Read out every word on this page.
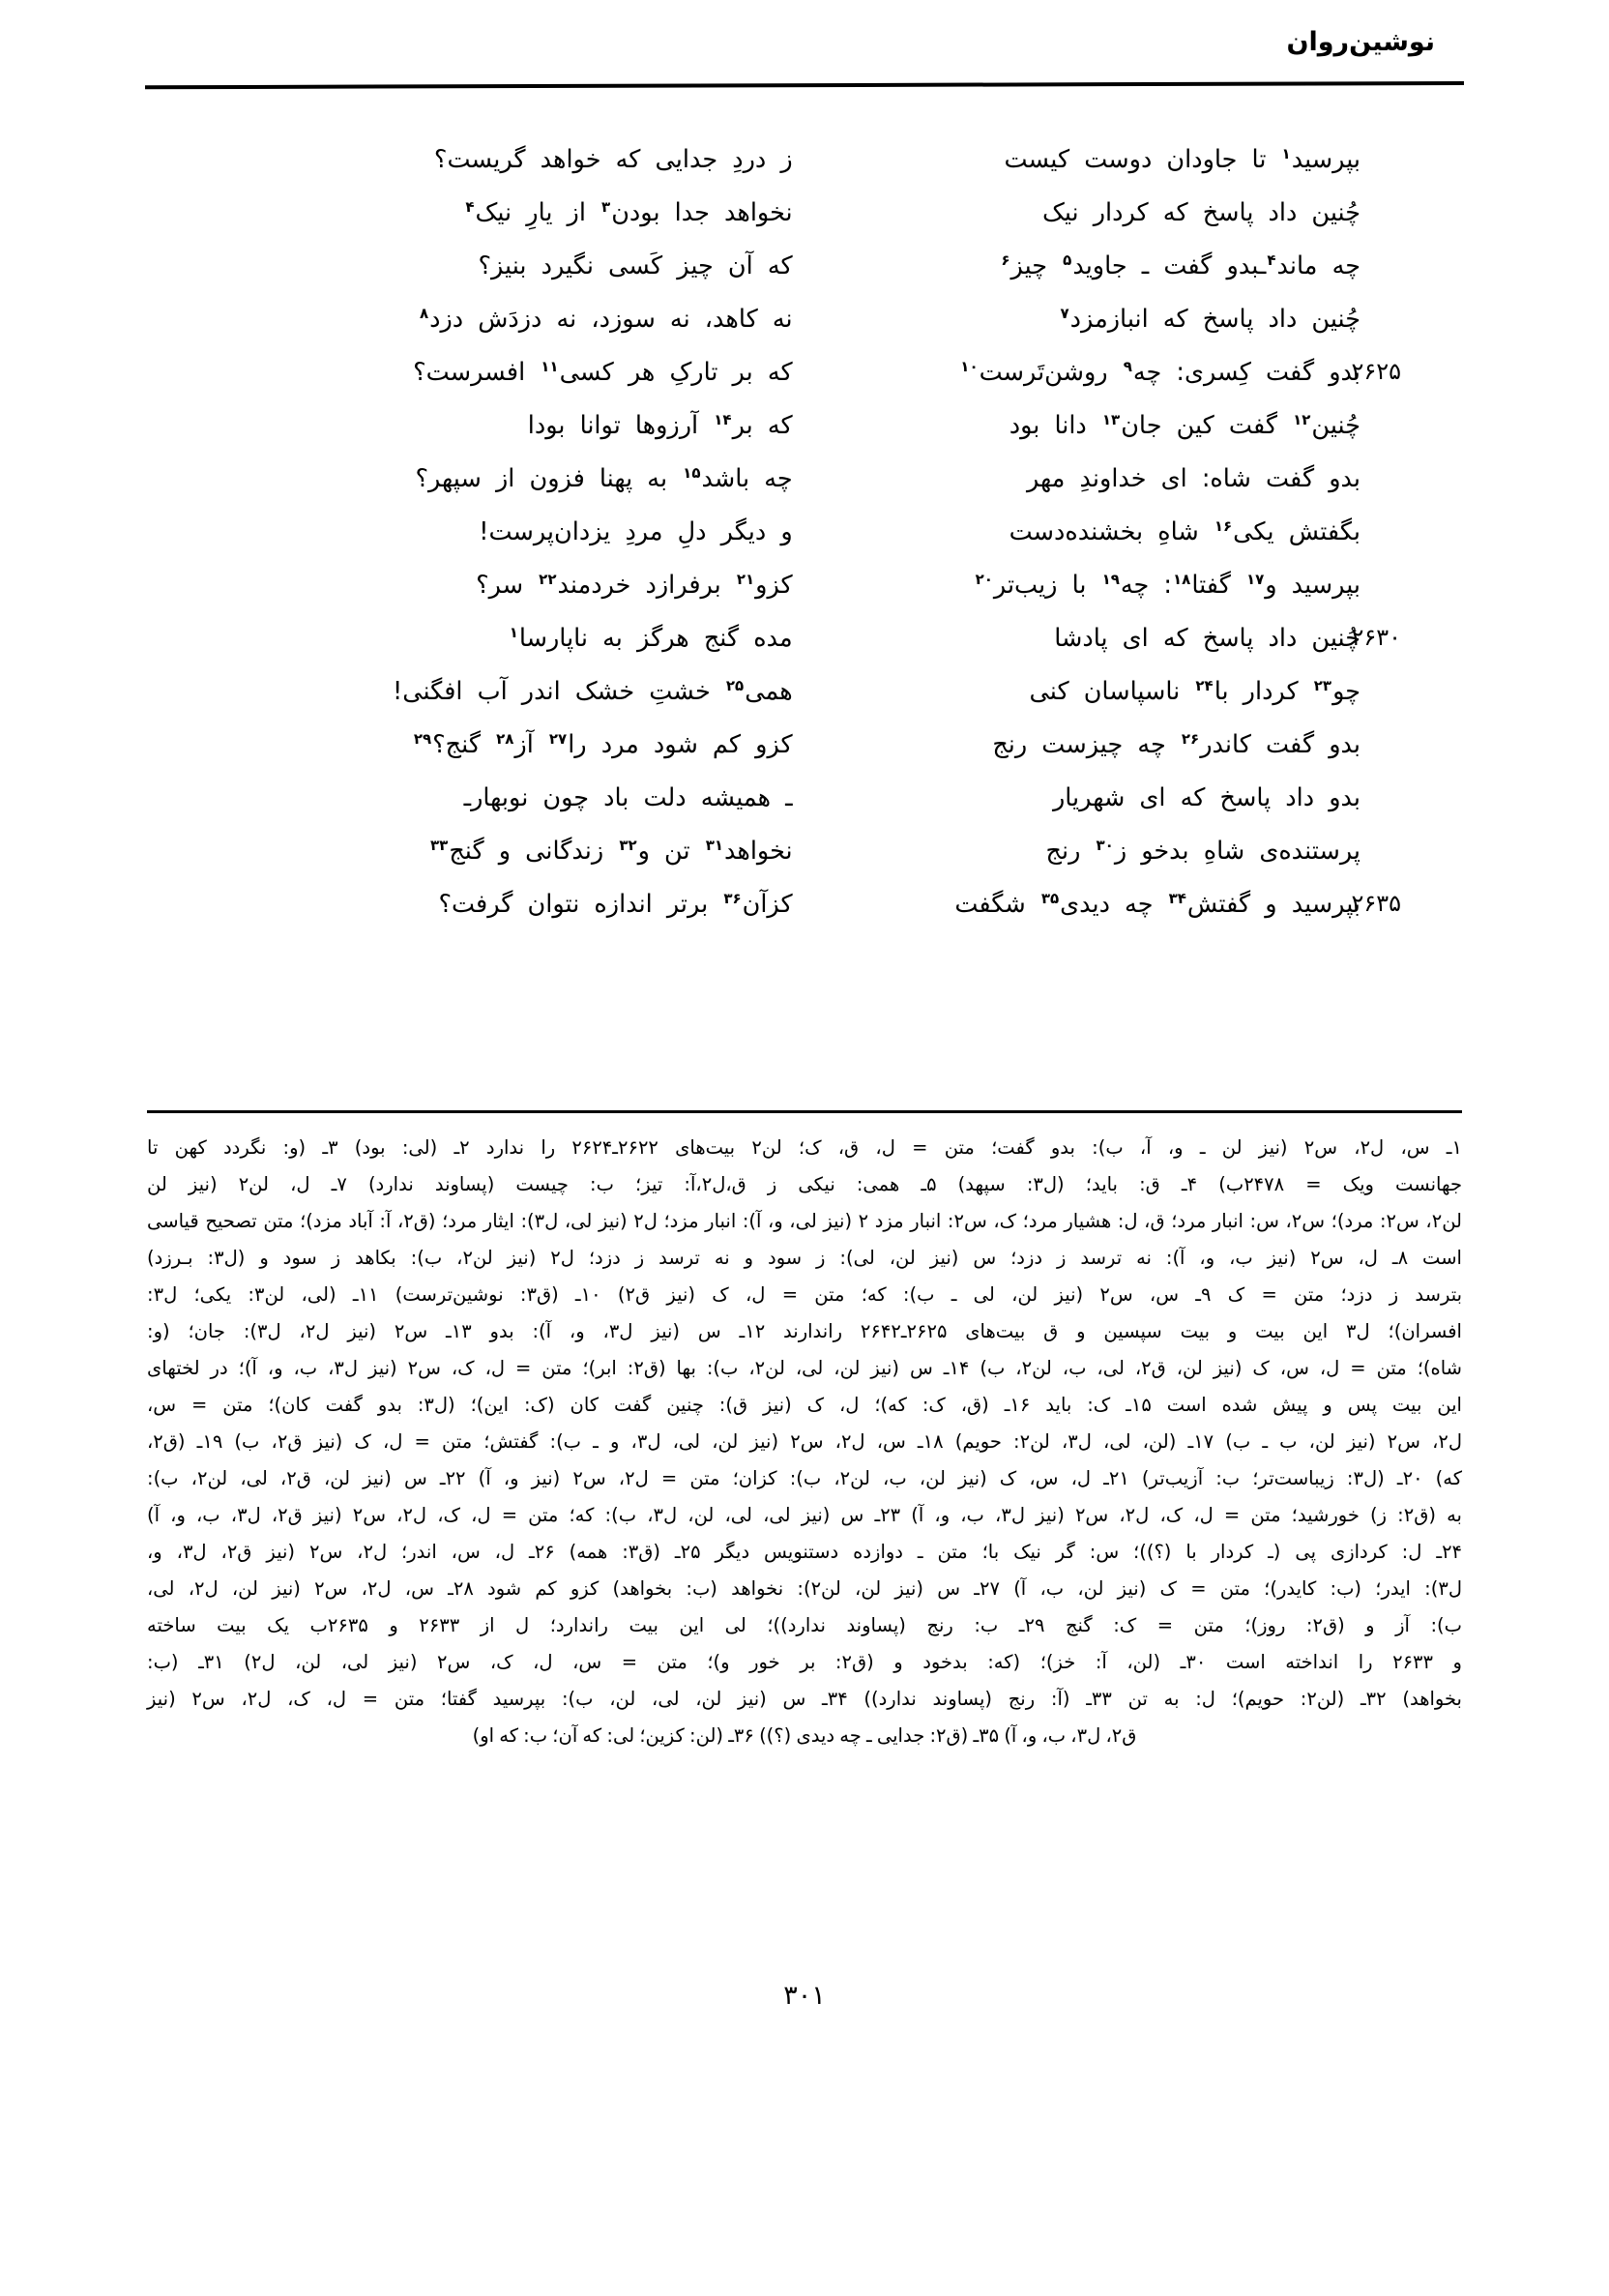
نوشین‌روان
بپرسید$^۱$ تا جاودان دوست کیست
ز دردِ جدایی که خواهد گریست؟
چُنین داد پاسخ که کردار نیک
نخواهد جدا بودن$^۳$ از یارِ نیک$^۴$
چه ماند$^۴$ـبدو گفت ـ جاوید$^۵$ چیز$^۶$
که آن چیز کَسی نگیرد بنیز؟
چُنین داد پاسخ که انبازمزد$^۷$
نه کاهد، نه سوزد، نه دزدَش دزد$^۸$
۲۶۲۵
بدو گفت کِسری: چه$^۹$ روشن‌تَرست$^{۱۰}$
که بر تارکِ هر کسی$^{۱۱}$ افسرست؟
چُنین$^{۱۲}$ گفت کین جان$^{۱۳}$ دانا بود
که بر$^{۱۴}$ آرزوها توانا بودا
بدو گفت شاه: ای خداوندِ مهر
چه باشد$^{۱۵}$ به پهنا فزون از سپهر؟
بگفتش یکی$^{۱۶}$ شاهِ بخشنده‌دست
و دیگر دلِ مردِ یزدان‌پرست!
بپرسید و$^{۱۷}$ گفتا$^{۱۸}$: چه$^{۱۹}$ با زیب‌تر$^{۲۰}$
کزو$^{۲۱}$ برفرازد خردمند$^{۲۲}$ سر؟
۲۶۳۰
چُنین داد پاسخ که ای پادشا
مده گنج هرگز به ناپارسا$^۱$
چو$^{۲۳}$ کردار با$^{۲۴}$ ناسپاسان کنی
همی$^{۲۵}$ خشتِ خشک اندر آب افگنی!
بدو گفت کاندر$^{۲۶}$ چه چیزست رنج
کزو کم شود مرد را$^{۲۷}$ آز$^{۲۸}$ گنج؟$^{۲۹}$
بدو داد پاسخ که ای شهریار
ـ همیشه دلت باد چون نوبهارـ
پرستنده‌ی شاهِ بدخو ز$^{۳۰}$ رنج
نخواهد$^{۳۱}$ تن و$^{۳۲}$ زندگانی و گنج$^{۳۳}$
۲۶۳۵
بپرسید و گفتش$^{۳۴}$ چه دیدی$^{۳۵}$ شگفت
کزآن$^{۳۶}$ برتر اندازه نتوان گرفت؟

۱ـ س، ل۲، س۲ (نیز لن ـ و، آ، ب): بدو گفت؛ متن = ل، ق، ک؛ لن۲ بیت‌های ۲۶۲۲ـ۲۶۲۴ را ندارد ۲ـ (لی: بود) ۳ـ (و: نگردد کهن تا

جهانست ویک = ۲۴۷۸ب) ۴ـ ق: باید؛ (ل۳: سپهد) ۵ـ همی: نیکی ز ق،ل۲،آ: تیز؛ ب: چیست (پساوند ندارد) ۷ـ ل، لن۲ (نیز لن

لن۲، س۲: مرد)؛ س۲، س: انبار مرد؛ ق، ل: هشیار مرد؛ ک، س۲: انبار مزد ۲ (نیز لی، و، آ): انبار مزد؛ ل۲ (نیز لی، ل۳): ایثار مرد؛ (ق۲، آ: آباد مزد)؛ متن تصحیح قیاسی

است ۸ـ ل، س۲ (نیز ب، و، آ): نه ترسد ز دزد؛ س (نیز لن، لی): ز سود و نه ترسد ز دزد؛ ل۲ (نیز لن۲، ب): بکاهد ز سود و (ل۳: بـرزد)

بترسد ز دزد؛ متن = ک ۹ـ س، س۲ (نیز لن، لی ـ ب): که؛ متن = ل، ک (نیز ق۲) ۱۰ـ (ق۳: نوشین‌ترست) ۱۱ـ (لی، لن۳: یکی؛ ل۳:

افسران)؛ ل۳ این بیت و بیت سپسین و ق بیت‌های ۲۶۲۵ـ۲۶۴۲ راندارند ۱۲ـ س (نیز ل۳، و، آ): بدو ۱۳ـ س۲ (نیز ل۲، ل۳): جان؛ (و:

شاه)؛ متن = ل، س، ک (نیز لن، ق۲، لی، ب، لن۲، ب) ۱۴ـ س (نیز لن، لی، لن۲، ب): بها (ق۲: ابر)؛ متن = ل، ک، س۲ (نیز ل۳، ب، و، آ)؛ در لختهای

این بیت پس و پیش شده است ۱۵ـ ک: باید ۱۶ـ (ق، ک: که)؛ ل، ک (نیز ق): چنین گفت کان (ک: این)؛ (ل۳: بدو گفت کان)؛ متن = س،

ل۲، س۲ (نیز لن، ب ـ ب) ۱۷ـ (لن، لی، ل۳، لن۲: حویم) ۱۸ـ س، ل۲، س۲ (نیز لن، لی، ل۳، و ـ ب): گفتش؛ متن = ل، ک (نیز ق۲، ب) ۱۹ـ (ق۲،

که) ۲۰ـ (ل۳: زیباست‌تر؛ ب: آزیب‌تر) ۲۱ـ ل، س، ک (نیز لن، ب، لن۲، ب): کزان؛ متن = ل۲، س۲ (نیز و، آ) ۲۲ـ س (نیز لن، ق۲، لی، لن۲، ب):

به (ق۲: ز) خورشید؛ متن = ل، ک، ل۲، س۲ (نیز ل۳، ب، و، آ) ۲۳ـ س (نیز لی، لی، لن، ل۳، ب): که؛ متن = ل، ک، ل۲، س۲ (نیز ق۲، ل۳، ب، و، آ)

۲۴ـ ل: کردازی پی (ـ کردار با (؟))؛ س: گر نیک با؛ متن ـ دوازده دستنویس دیگر ۲۵ـ (ق۳: همه) ۲۶ـ ل، س، اندر؛ ل۲، س۲ (نیز ق۲، ل۳، و،

ل۳): ایدر؛ (ب: کایدر)؛ متن = ک (نیز لن، ب، آ) ۲۷ـ س (نیز لن، لن۲): نخواهد (ب: بخواهد) کزو کم شود ۲۸ـ س، ل۲، س۲ (نیز لن، ل۲، لی،

ب): آز و (ق۲: روز)؛ متن = ک: گنج ۲۹ـ ب: رنج (پساوند ندارد))؛ لی این بیت راندارد؛ ل از ۲۶۳۳ و ۲۶۳۵ب یک بیت ساخته

و ۲۶۳۳ را انداخته است ۳۰ـ (لن، آ: خز)؛ (که: بدخود و (ق۲: بر خور و)؛ متن = س، ل، ک، س۲ (نیز لی، لن، ل۲) ۳۱ـ (ب:

بخواهد) ۳۲ـ (لن۲: حویم)؛ ل: به تن ۳۳ـ (آ: رنج (پساوند ندارد)) ۳۴ـ س (نیز لن، لی، لن، ب): بپرسید گفتا؛ متن = ل، ک، ل۲، س۲ (نیز

ق۲، ل۳، ب، و، آ) ۳۵ـ (ق۲: جدایی ـ چه دیدی (؟)) ۳۶ـ (لن: کزین؛ لی: که آن؛ ب: که او)

۳۰۱
